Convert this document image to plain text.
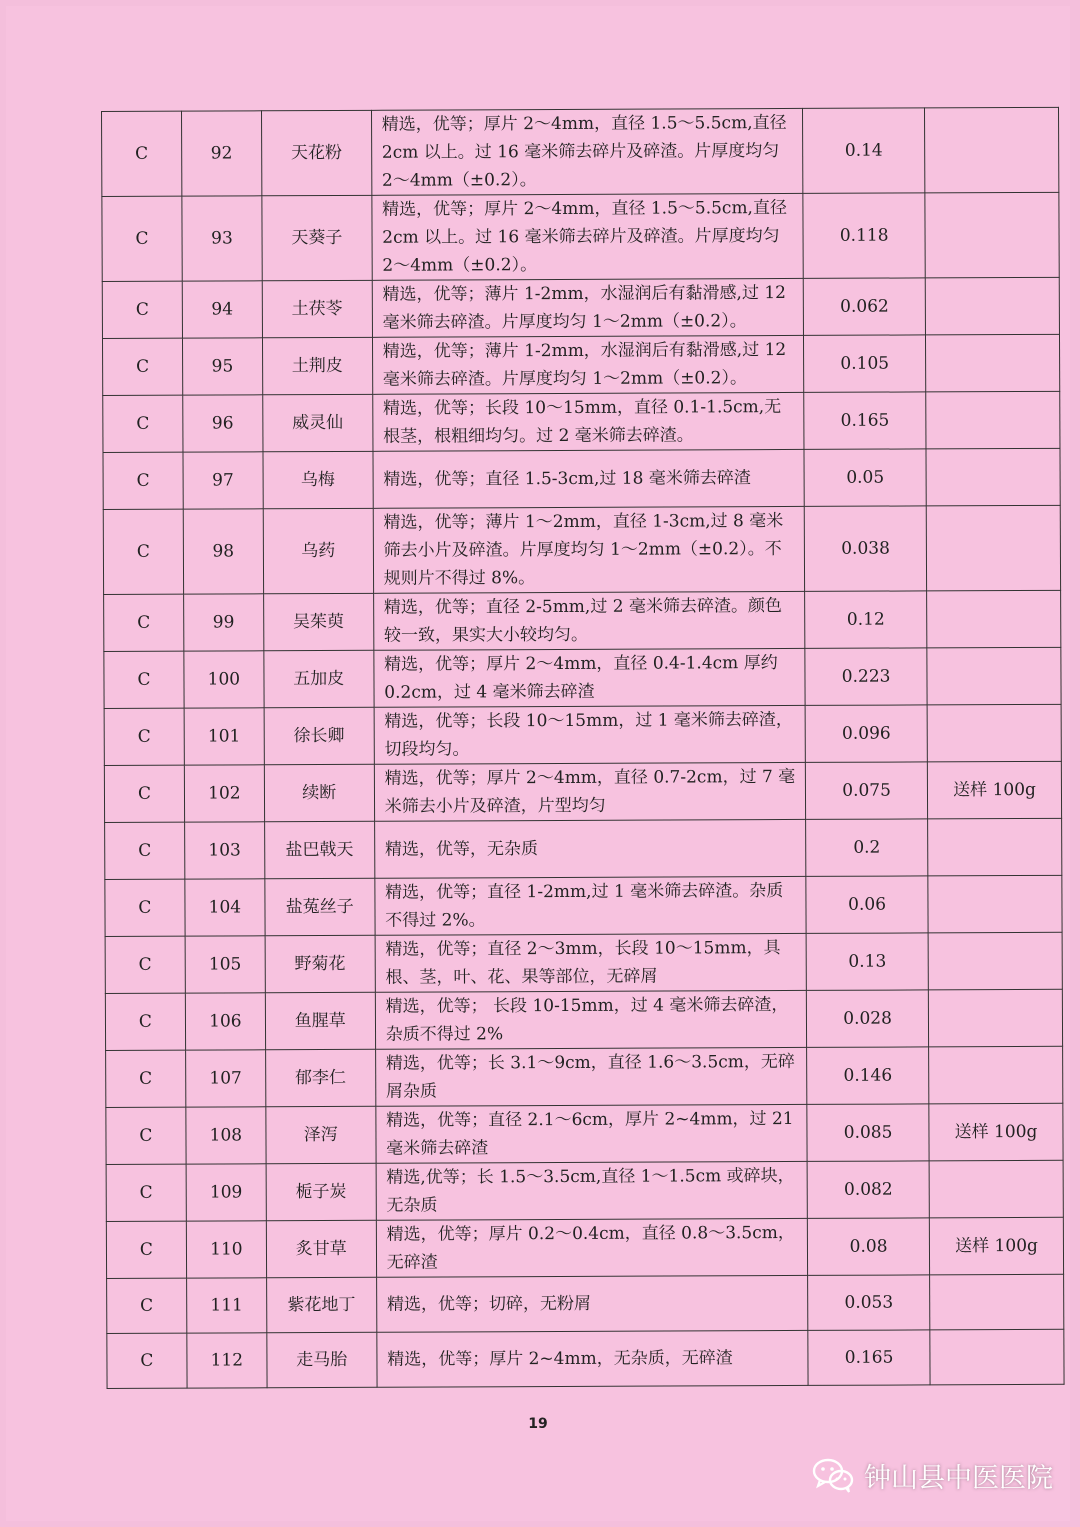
C	92	天花粉	精选，优等；厚片 2～4mm，直径 1.5～5.5cm,直径 2cm 以上。过 16 毫米筛去碎片及碎渣。片厚度均匀 2～4mm（±0.2）。	0.14	
C	93	天葵子	精选，优等；厚片 2～4mm，直径 1.5～5.5cm,直径 2cm 以上。过 16 毫米筛去碎片及碎渣。片厚度均匀 2～4mm（±0.2）。	0.118	
C	94	土茯苓	精选，优等；薄片 1-2mm，水湿润后有黏滑感,过 12 毫米筛去碎渣。片厚度均匀 1～2mm（±0.2）。	0.062	
C	95	土荆皮	精选，优等；薄片 1-2mm，水湿润后有黏滑感,过 12 毫米筛去碎渣。片厚度均匀 1～2mm（±0.2）。	0.105	
C	96	威灵仙	精选，优等；长段 10～15mm，直径 0.1-1.5cm,无根茎，根粗细均匀。过 2 毫米筛去碎渣。	0.165	
C	97	乌梅	精选，优等；直径 1.5-3cm,过 18 毫米筛去碎渣	0.05	
C	98	乌药	精选，优等；薄片 1～2mm，直径 1-3cm,过 8 毫米筛去小片及碎渣。片厚度均匀 1～2mm（±0.2）。不规则片不得过 8%。	0.038	
C	99	吴茱萸	精选，优等；直径 2-5mm,过 2 毫米筛去碎渣。颜色较一致，果实大小较均匀。	0.12	
C	100	五加皮	精选，优等；厚片 2～4mm，直径 0.4-1.4cm 厚约 0.2cm，过 4 毫米筛去碎渣	0.223	
C	101	徐长卿	精选，优等；长段 10～15mm，过 1 毫米筛去碎渣，切段均匀。	0.096	
C	102	续断	精选，优等；厚片 2～4mm，直径 0.7-2cm，过 7 毫米筛去小片及碎渣，片型均匀	0.075	送样 100g
C	103	盐巴戟天	精选，优等，无杂质	0.2	
C	104	盐菟丝子	精选，优等；直径 1-2mm,过 1 毫米筛去碎渣。杂质不得过 2%。	0.06	
C	105	野菊花	精选，优等；直径 2～3mm，长段 10～15mm，具根、茎，叶、花、果等部位，无碎屑	0.13	
C	106	鱼腥草	精选，优等； 长段 10-15mm，过 4 毫米筛去碎渣，杂质不得过 2%	0.028	
C	107	郁李仁	精选，优等；长 3.1～9cm，直径 1.6～3.5cm，无碎屑杂质	0.146	
C	108	泽泻	精选，优等；直径 2.1～6cm，厚片 2~4mm，过 21 毫米筛去碎渣	0.085	送样 100g
C	109	栀子炭	精选,优等；长 1.5～3.5cm,直径 1～1.5cm 或碎块，无杂质	0.082	
C	110	炙甘草	精选，优等；厚片 0.2～0.4cm，直径 0.8～3.5cm，无碎渣	0.08	送样 100g
C	111	紫花地丁	精选，优等；切碎，无粉屑	0.053	
C	112	走马胎	精选，优等；厚片 2~4mm，无杂质，无碎渣	0.165	
19
钟山县中医医院
